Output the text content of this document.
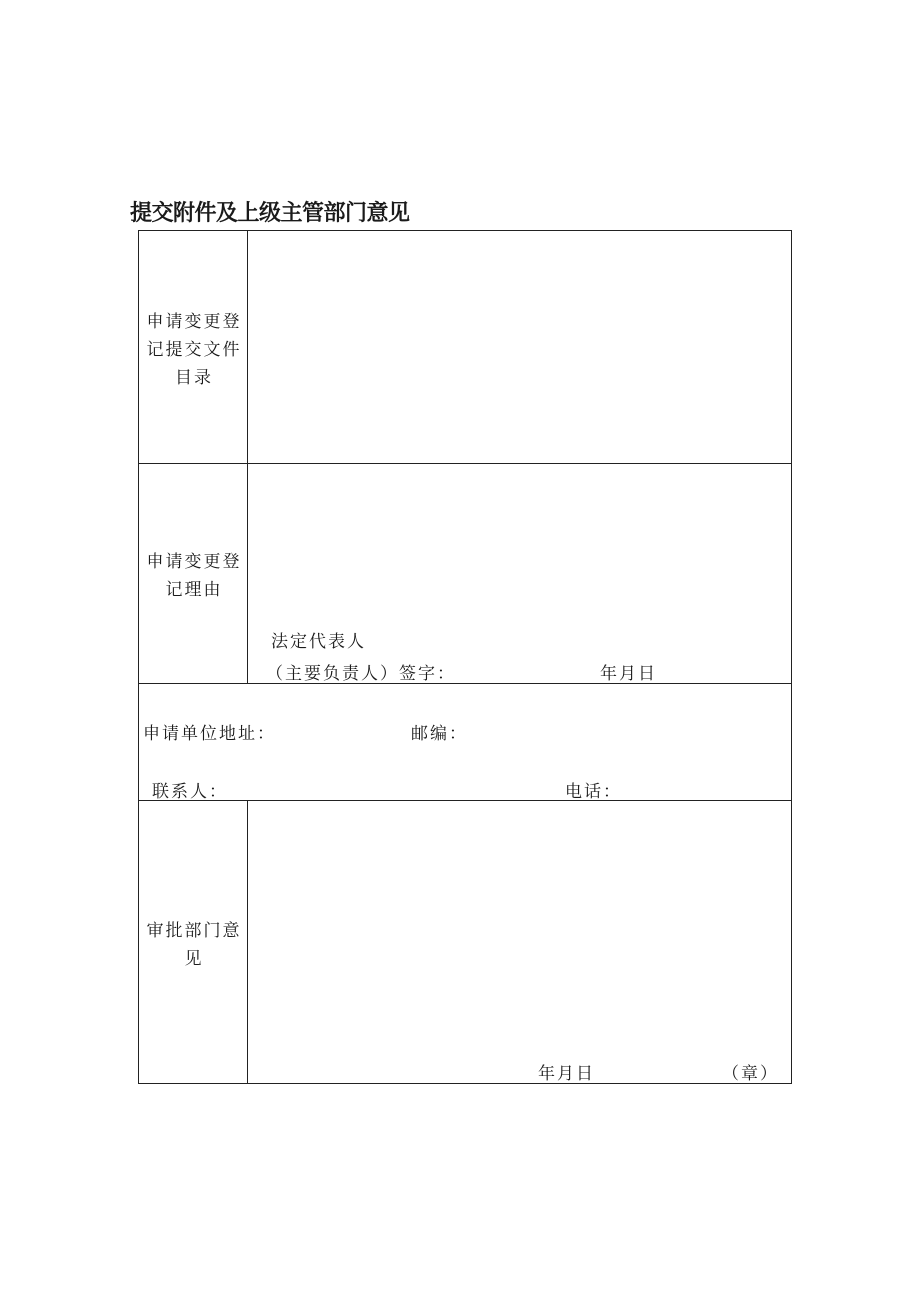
提交附件及上级主管部门意见
申请变更登
记提交文件
目录
申请变更登
记理由
法定代表人
（主要负责人）签字：	年月日
申请单位地址：	邮编：
联系人：	电话：
审批部门意
见
年月日	（章）
